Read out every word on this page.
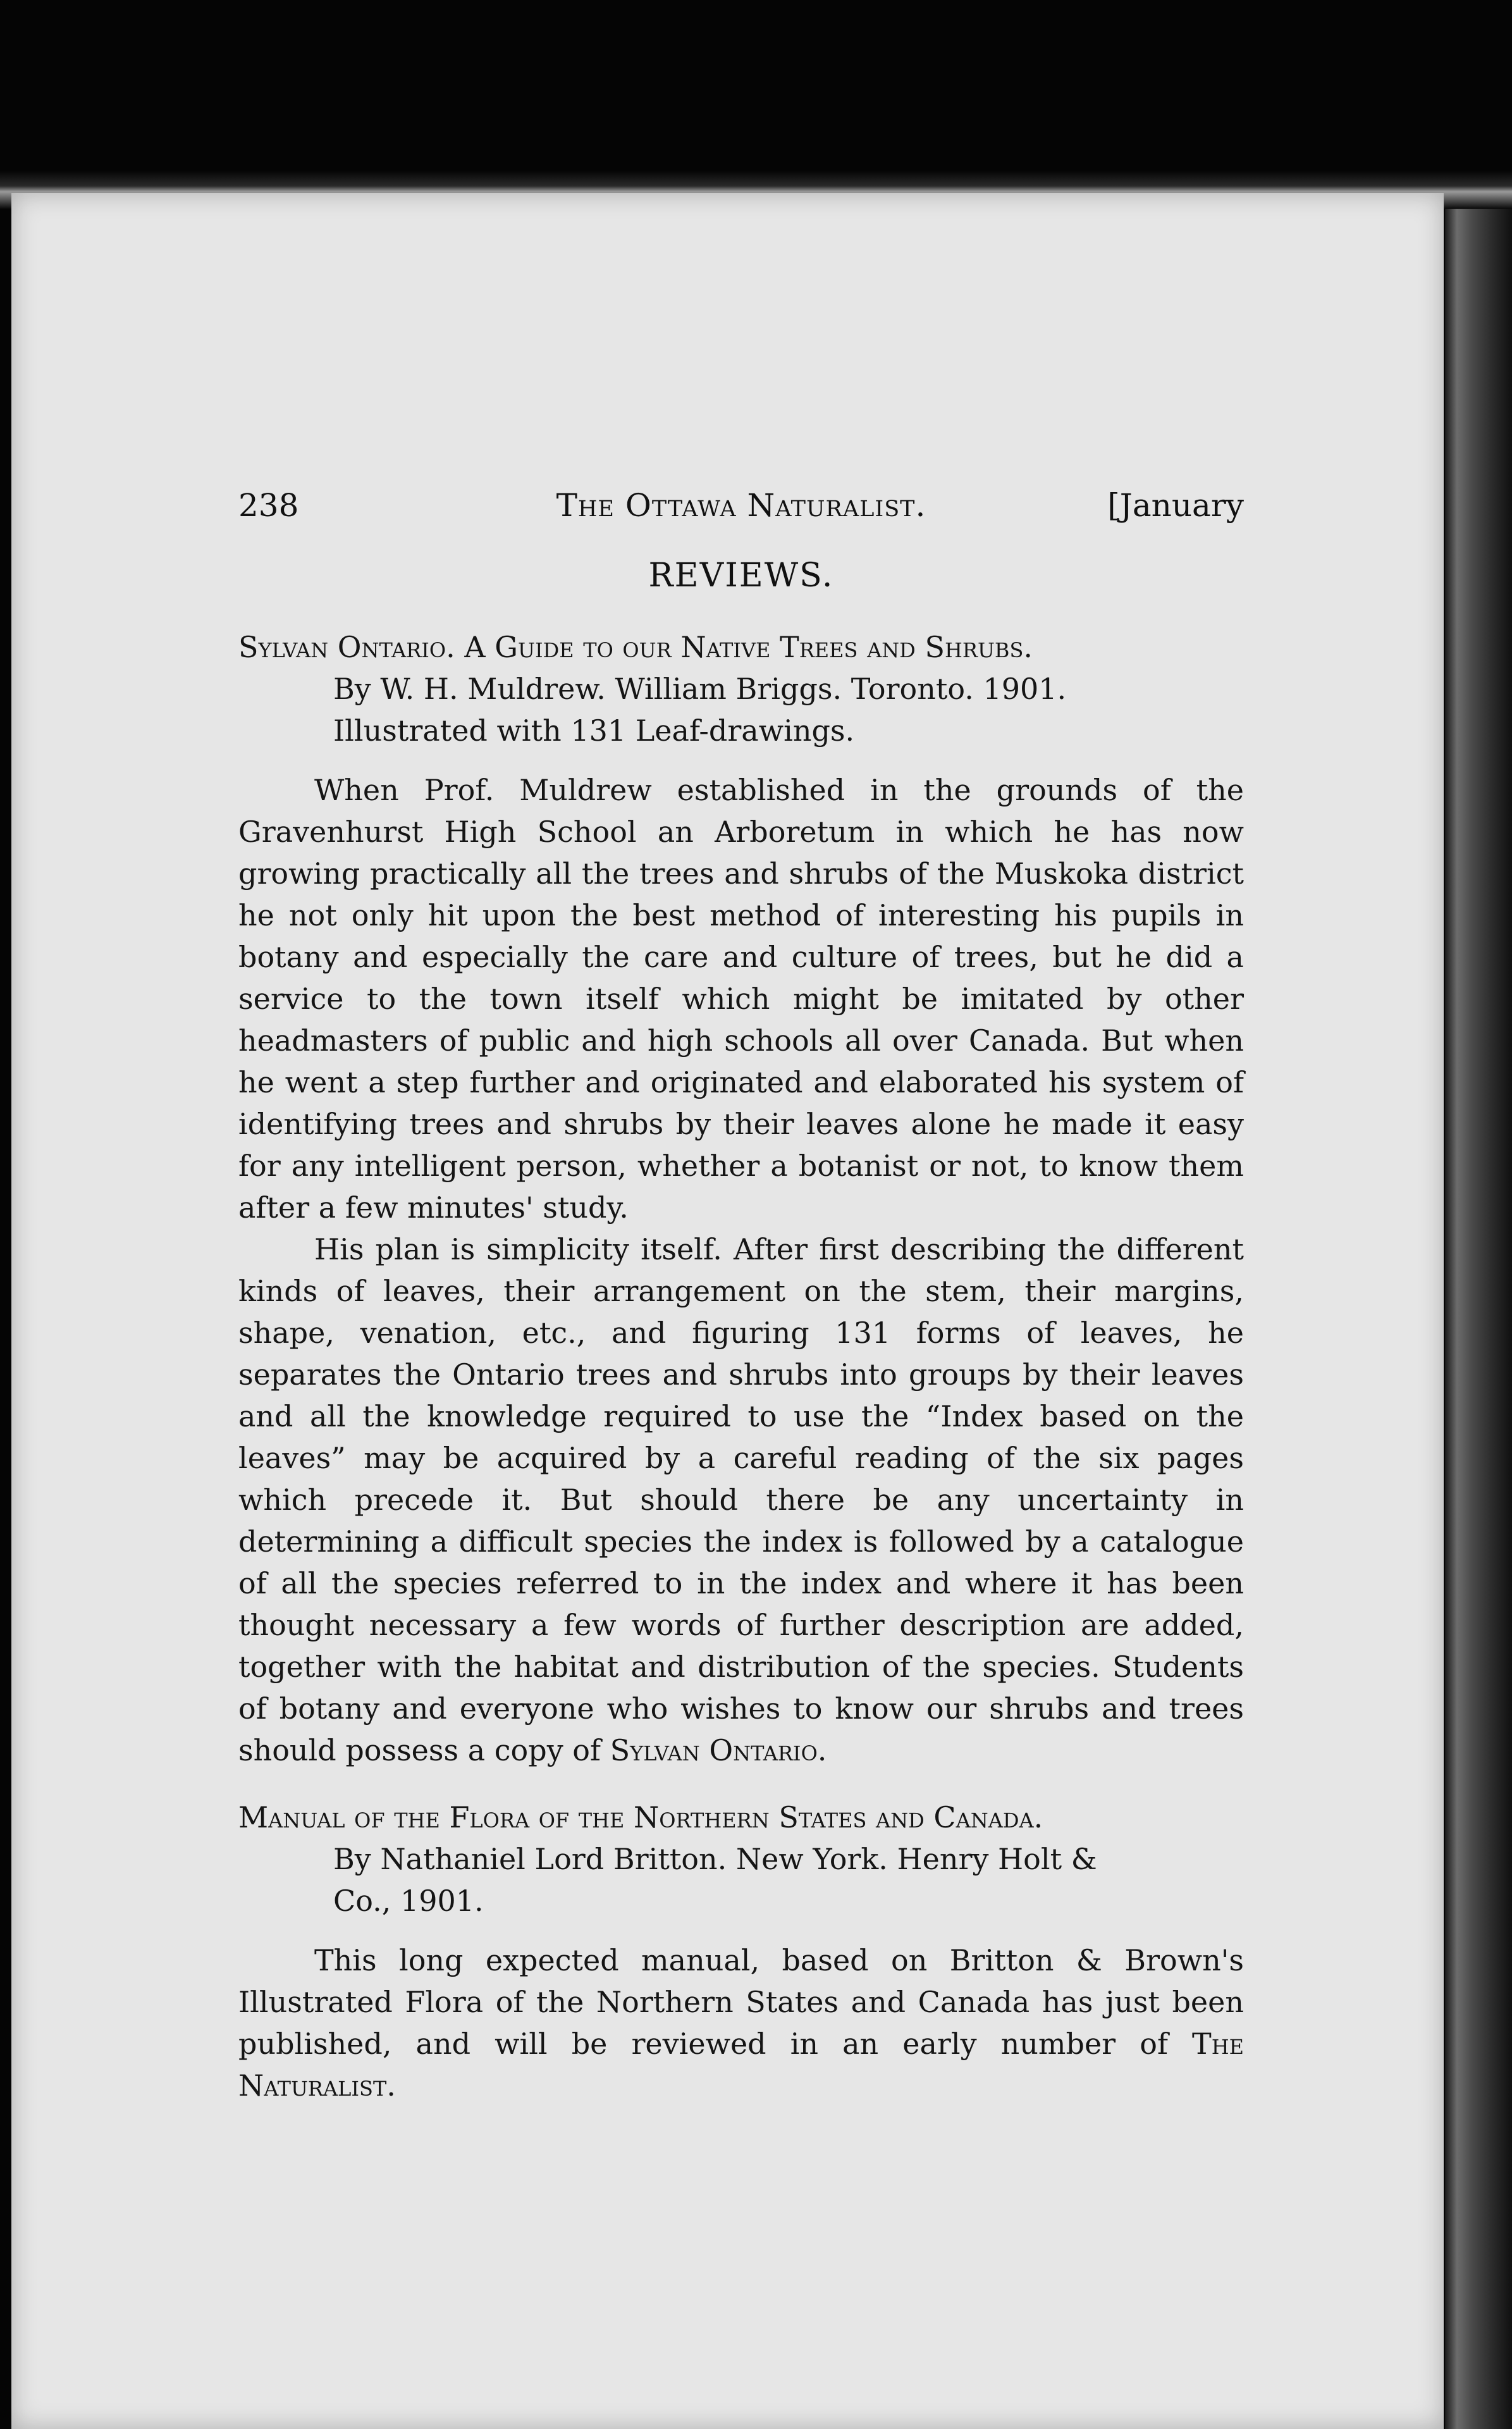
238	The Ottawa Naturalist.	[January
REVIEWS.

Sylvan Ontario. A Guide to our Native Trees and Shrubs.
By W. H. Muldrew. William Briggs. Toronto. 1901.
Illustrated with 131 Leaf-drawings.

When Prof. Muldrew established in the grounds of the Gravenhurst High School an Arboretum in which he has now growing practically all the trees and shrubs of the Muskoka district he not only hit upon the best method of interesting his pupils in botany and especially the care and culture of trees, but he did a service to the town itself which might be imitated by other headmasters of public and high schools all over Canada. But when he went a step further and originated and elaborated his system of identifying trees and shrubs by their leaves alone he made it easy for any intelligent person, whether a botanist or not, to know them after a few minutes' study.

His plan is simplicity itself. After first describing the different kinds of leaves, their arrangement on the stem, their margins, shape, venation, etc., and figuring 131 forms of leaves, he separates the Ontario trees and shrubs into groups by their leaves and all the knowledge required to use the “Index based on the leaves” may be acquired by a careful reading of the six pages which precede it. But should there be any uncertainty in determining a difficult species the index is followed by a catalogue of all the species referred to in the index and where it has been thought necessary a few words of further description are added, together with the habitat and distribution of the species. Students of botany and everyone who wishes to know our shrubs and trees should possess a copy of Sylvan Ontario.

Manual of the Flora of the Northern States and Canada.
By Nathaniel Lord Britton. New York. Henry Holt &
Co., 1901.

This long expected manual, based on Britton & Brown's Illustrated Flora of the Northern States and Canada has just been published, and will be reviewed in an early number of The Naturalist.
